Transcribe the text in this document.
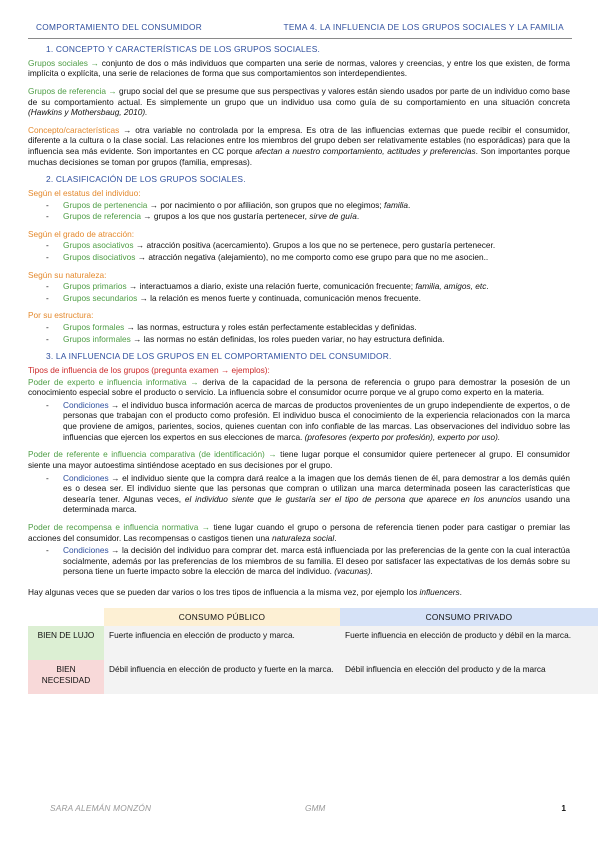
COMPORTAMIENTO DEL CONSUMIDOR	TEMA 4. LA INFLUENCIA DE LOS GRUPOS SOCIALES Y LA FAMILIA
1. CONCEPTO Y CARACTERÍSTICAS DE LOS GRUPOS SOCIALES.

Grupos sociales → conjunto de dos o más individuos que comparten una serie de normas, valores y creencias, y entre los que existen, de forma implícita o explícita, una serie de relaciones de forma que sus comportamientos son interdependientes.

Grupos de referencia → grupo social del que se presume que sus perspectivas y valores están siendo usados por parte de un individuo como base de su comportamiento actual. Es simplemente un grupo que un individuo usa como guía de su comportamiento en una situación concreta (Hawkins y Mothersbaug, 2010).

Concepto/características → otra variable no controlada por la empresa. Es otra de las influencias externas que puede recibir el consumidor, diferente a la cultura o la clase social. Las relaciones entre los miembros del grupo deben ser relativamente estables (no esporádicas) para que la influencia sea más evidente. Son importantes en CC porque afectan a nuestro comportamiento, actitudes y preferencias. Son importantes porque muchas decisiones se toman por grupos (familia, empresas).

2. CLASIFICACIÓN DE LOS GRUPOS SOCIALES.
Según el estatus del individuo:
- Grupos de pertenencia → por nacimiento o por afiliación, son grupos que no elegimos; familia.
- Grupos de referencia → grupos a los que nos gustaría pertenecer, sirve de guía.
Según el grado de atracción:
- Grupos asociativos → atracción positiva (acercamiento). Grupos a los que no se pertenece, pero gustaría pertenecer.
- Grupos disociativos → atracción negativa (alejamiento), no me comporto como ese grupo para que no me asocien..
Según su naturaleza:
- Grupos primarios → interactuamos a diario, existe una relación fuerte, comunicación frecuente; familia, amigos, etc.
- Grupos secundarios → la relación es menos fuerte y continuada, comunicación menos frecuente.
Por su estructura:
- Grupos formales → las normas, estructura y roles están perfectamente establecidas y definidas.
- Grupos informales → las normas no están definidas, los roles pueden variar, no hay estructura definida.
3. LA INFLUENCIA DE LOS GRUPOS EN EL COMPORTAMIENTO DEL CONSUMIDOR.
Tipos de influencia de los grupos (pregunta examen → ejemplos):

Poder de experto e influencia informativa → deriva de la capacidad de la persona de referencia o grupo para demostrar la posesión de un conocimiento especial sobre el producto o servicio. La influencia sobre el consumidor ocurre porque ve al grupo como experto en la materia.

- Condiciones → el individuo busca información acerca de marcas de productos provenientes de un grupo independiente de expertos, o de personas que trabajan con el producto como profesión. El individuo busca el conocimiento de la experiencia relacionados con la marca que proviene de amigos, parientes, socios, quienes cuentan con info confiable de las marcas. Las observaciones del individuo sobre las influencias que ejercen los expertos en sus elecciones de marca. (profesores (experto por profesión), experto por uso).

Poder de referente e influencia comparativa (de identificación) → tiene lugar porque el consumidor quiere pertenecer al grupo. El consumidor siente una mayor autoestima sintiéndose aceptado en sus decisiones por el grupo.

- Condiciones → el individuo siente que la compra dará realce a la imagen que los demás tienen de él, para demostrar a los demás quién es o desea ser. El individuo siente que las personas que compran o utilizan una marca determinada poseen las características que desearía tener. Algunas veces, el individuo siente que le gustaría ser el tipo de persona que aparece en los anuncios usando una determinada marca.

Poder de recompensa e influencia normativa → tiene lugar cuando el grupo o persona de referencia tienen poder para castigar o premiar las acciones del consumidor. Las recompensas o castigos tienen una naturaleza social.

- Condiciones → la decisión del individuo para comprar det. marca está influenciada por las preferencias de la gente con la cual interactúa socialmente, además por las preferencias de los miembros de su familia. El deseo por satisfacer las expectativas de los demás sobre su persona tiene un fuerte impacto sobre la elección de marca del individuo. (vacunas).

Hay algunas veces que se pueden dar varios o los tres tipos de influencia a la misma vez, por ejemplo los influencers.

	CONSUMO PÚBLICO	CONSUMO PRIVADO
BIEN DE LUJO	Fuerte influencia en elección de producto y marca.	Fuerte influencia en elección de producto y débil en la marca.
BIEN NECESIDAD	Débil influencia en elección de producto y fuerte en la marca.	Débil influencia en elección del producto y de la marca
SARA ALEMÁN MONZÓN	GMM	1
